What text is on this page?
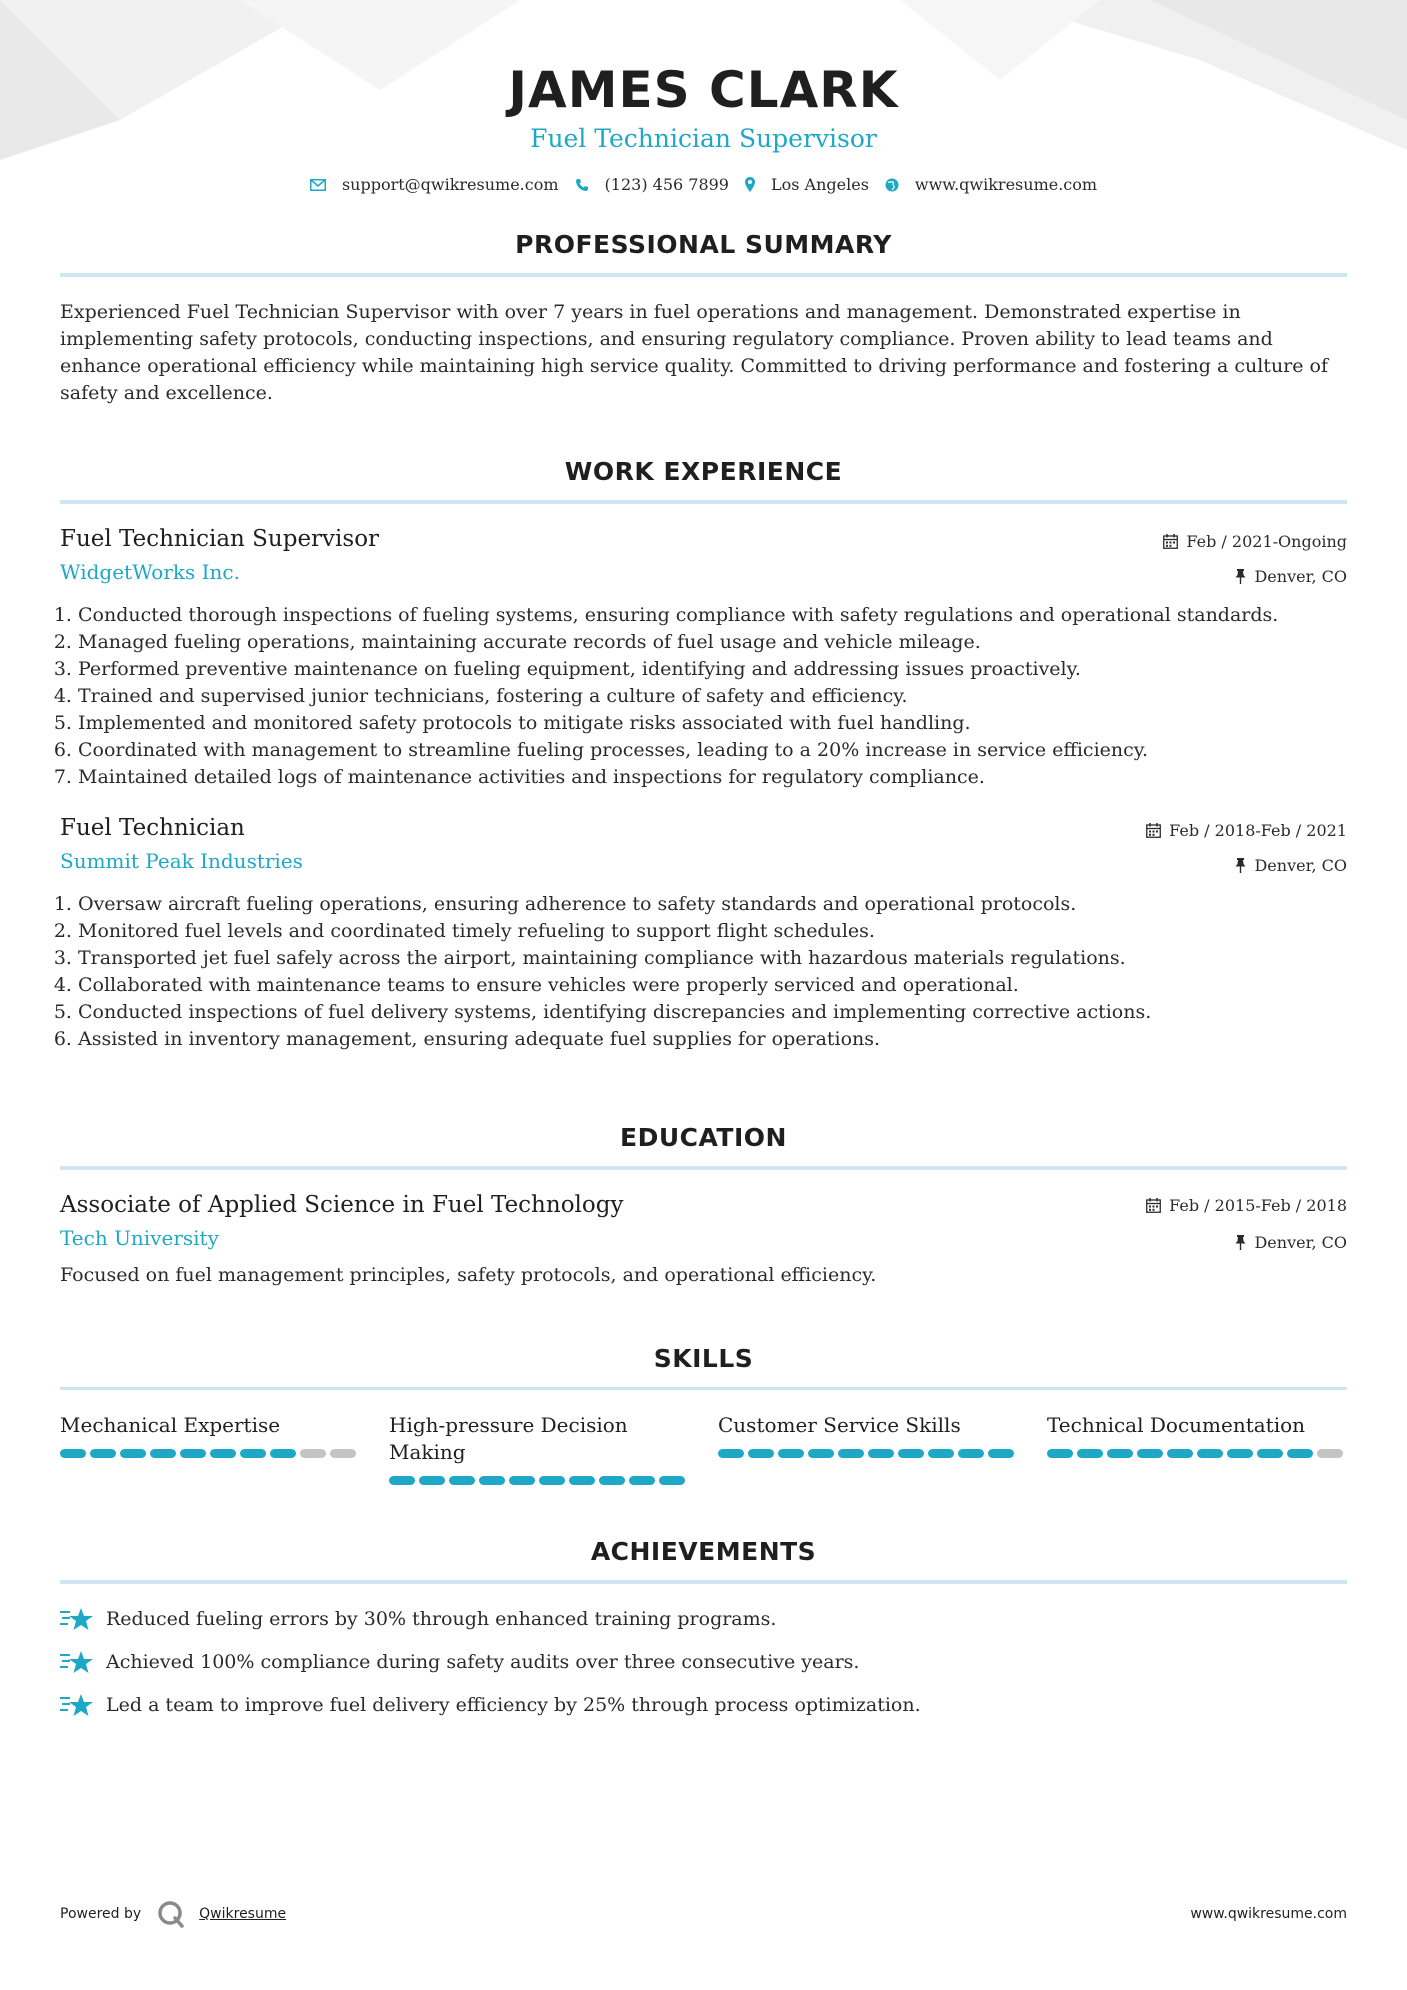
JAMES CLARK
Fuel Technician Supervisor
support@qwikresume.com	(123) 456 7899	Los Angeles	www.qwikresume.com
PROFESSIONAL SUMMARY
Experienced Fuel Technician Supervisor with over 7 years in fuel operations and management. Demonstrated expertise in implementing safety protocols, conducting inspections, and ensuring regulatory compliance. Proven ability to lead teams and enhance operational efficiency while maintaining high service quality. Committed to driving performance and fostering a culture of safety and excellence.
WORK EXPERIENCE
Fuel Technician Supervisor
WidgetWorks Inc.
Feb / 2021-Ongoing
Denver, CO
1. Conducted thorough inspections of fueling systems, ensuring compliance with safety regulations and operational standards.
2. Managed fueling operations, maintaining accurate records of fuel usage and vehicle mileage.
3. Performed preventive maintenance on fueling equipment, identifying and addressing issues proactively.
4. Trained and supervised junior technicians, fostering a culture of safety and efficiency.
5. Implemented and monitored safety protocols to mitigate risks associated with fuel handling.
6. Coordinated with management to streamline fueling processes, leading to a 20% increase in service efficiency.
7. Maintained detailed logs of maintenance activities and inspections for regulatory compliance.
Fuel Technician
Summit Peak Industries
Feb / 2018-Feb / 2021
Denver, CO
1. Oversaw aircraft fueling operations, ensuring adherence to safety standards and operational protocols.
2. Monitored fuel levels and coordinated timely refueling to support flight schedules.
3. Transported jet fuel safely across the airport, maintaining compliance with hazardous materials regulations.
4. Collaborated with maintenance teams to ensure vehicles were properly serviced and operational.
5. Conducted inspections of fuel delivery systems, identifying discrepancies and implementing corrective actions.
6. Assisted in inventory management, ensuring adequate fuel supplies for operations.
EDUCATION
Associate of Applied Science in Fuel Technology
Tech University
Feb / 2015-Feb / 2018
Denver, CO
Focused on fuel management principles, safety protocols, and operational efficiency.
SKILLS
Mechanical Expertise	High-pressure Decision Making
Customer Service Skills	Technical Documentation
ACHIEVEMENTS
Reduced fueling errors by 30% through enhanced training programs.
Achieved 100% compliance during safety audits over three consecutive years.
Led a team to improve fuel delivery efficiency by 25% through process optimization.
Powered by	Qwikresume	www.qwikresume.com
